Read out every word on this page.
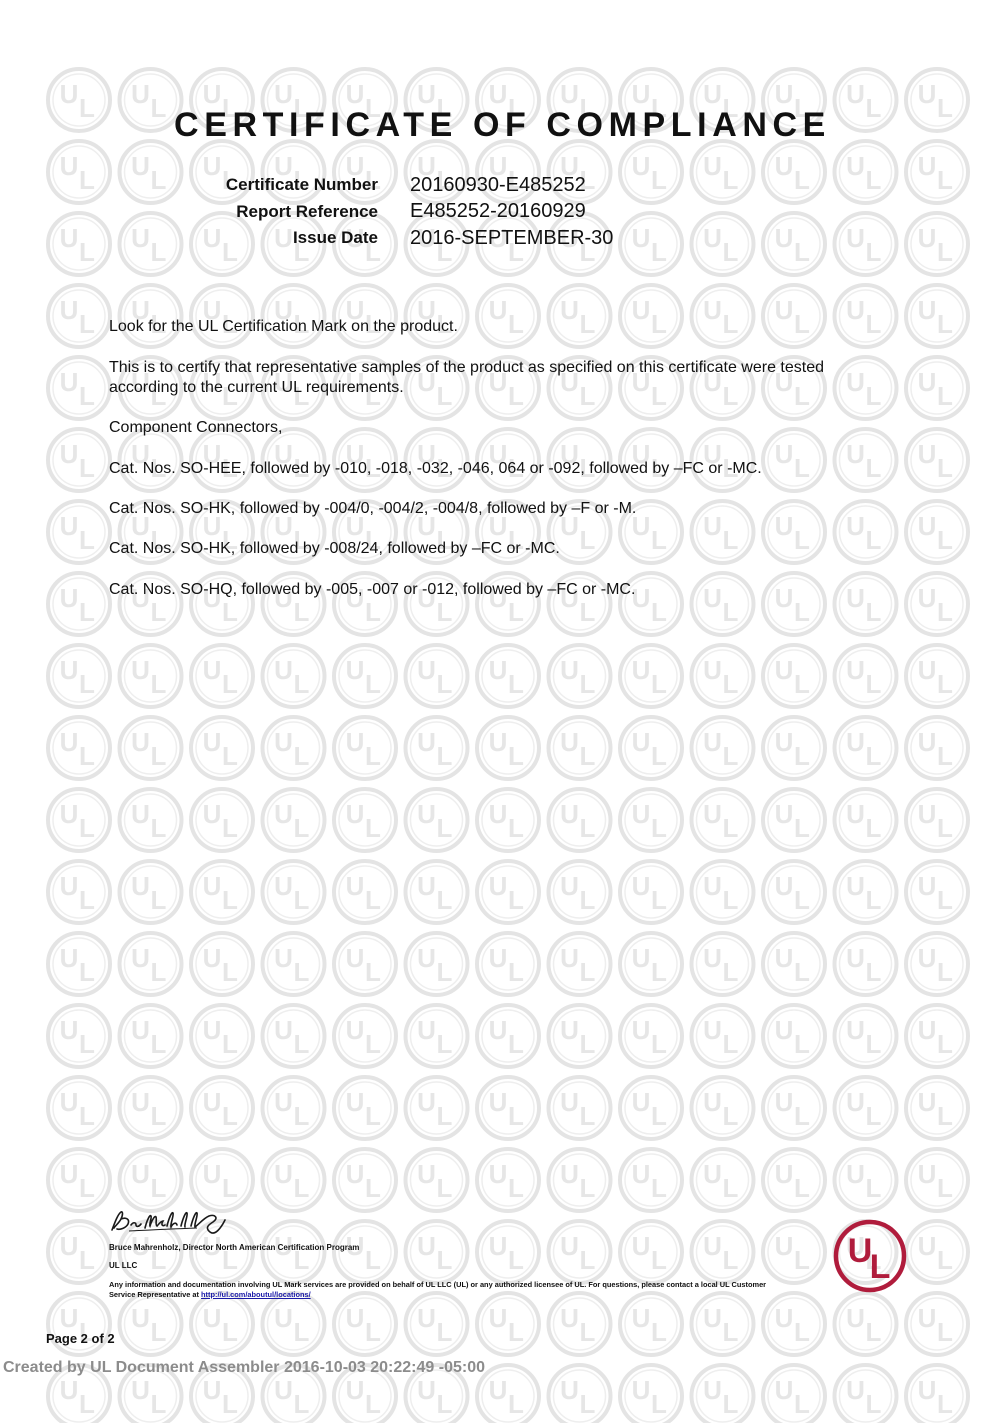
L
CERTIFICATE OF COMPLIANCE
Certificate Number	20160930-E485252
Report Reference	E485252-20160929
Issue Date	2016-SEPTEMBER-30

Look for the UL Certification Mark on the product.

This is to certify that representative samples of the product as specified on this certificate were tested
according to the current UL requirements.

Component Connectors,

Cat. Nos. SO-HEE, followed by -010, -018, -032, -046, 064 or -092, followed by –FC or -MC.

Cat. Nos. SO-HK, followed by -004/0, -004/2, -004/8, followed by –F or -M.

Cat. Nos. SO-HK, followed by -008/24, followed by –FC or -MC.

Cat. Nos. SO-HQ, followed by -005, -007 or -012, followed by –FC or -MC.

Bruce Mahrenholz, Director North American Certification Program
UL LLC
Any information and documentation involving UL Mark services are provided on behalf of UL LLC (UL) or any authorized licensee of UL. For questions, please contact a local UL Customer Service Representative at http://ul.com/aboutul/locations/
U
L
Page 2 of 2
Created by UL Document Assembler 2016-10-03 20:22:49 -05:00
